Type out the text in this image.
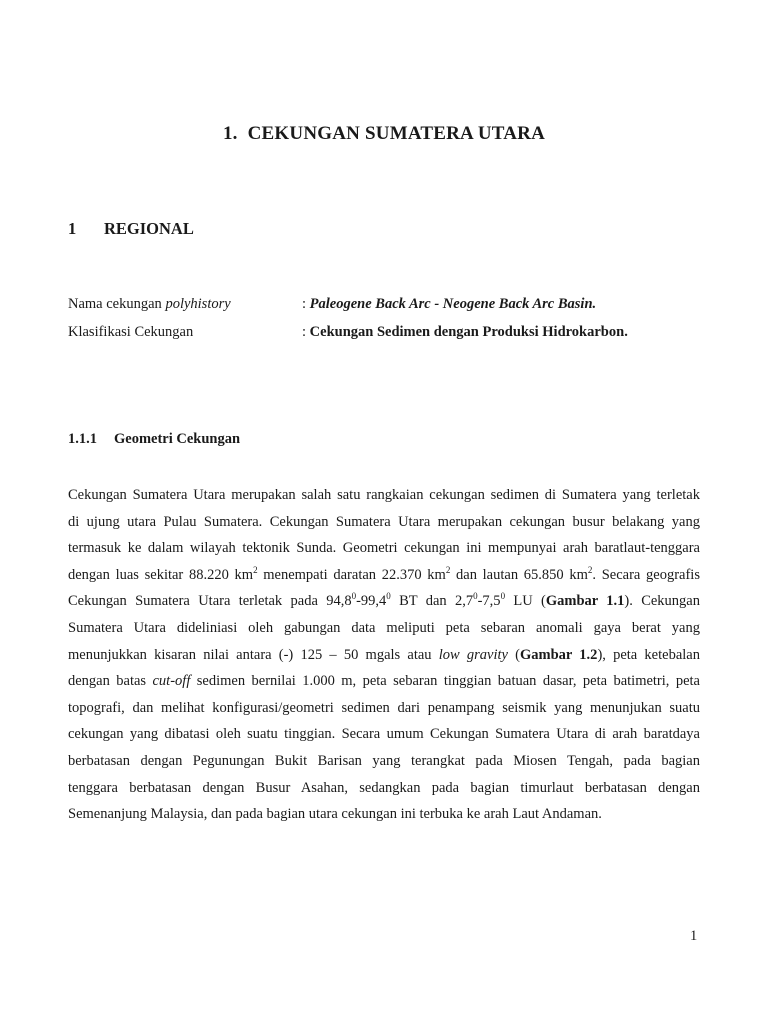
1. CEKUNGAN SUMATERA UTARA
1 REGIONAL
Nama cekungan polyhistory	: Paleogene Back Arc - Neogene Back Arc Basin.
Klasifikasi Cekungan	: Cekungan Sedimen dengan Produksi Hidrokarbon.
1.1.1 Geometri Cekungan
Cekungan Sumatera Utara merupakan salah satu rangkaian cekungan sedimen di Sumatera yang terletak
di ujung utara Pulau Sumatera. Cekungan Sumatera Utara merupakan cekungan busur belakang yang
termasuk ke dalam wilayah tektonik Sunda. Geometri cekungan ini mempunyai arah baratlaut-tenggara
dengan luas sekitar 88.220 $km^2$ menempati daratan 22.370 $km^2$ dan lautan 65.850 $km^2$. Secara geografis
Cekungan Sumatera Utara terletak pada 94,8$^0$-99,4$^0$ BT dan $2,7^0-7,5^0$ LU (Gambar 1.1). Cekungan
Sumatera Utara dideliniasi oleh gabungan data meliputi peta sebaran anomali gaya berat yang
menunjukkan kisaran nilai antara (-) 125 – 50 mgals atau low gravity (Gambar 1.2), peta ketebalan
dengan batas cut-off sedimen bernilai 1.000 m, peta sebaran tinggian batuan dasar, peta batimetri, peta
topografi, dan melihat konfigurasi/geometri sedimen dari penampang seismik yang menunjukan suatu
cekungan yang dibatasi oleh suatu tinggian. Secara umum Cekungan Sumatera Utara di arah baratdaya
berbatasan dengan Pegunungan Bukit Barisan yang terangkat pada Miosen Tengah, pada bagian
tenggara berbatasan dengan Busur Asahan, sedangkan pada bagian timurlaut berbatasan dengan
Semenanjung Malaysia, dan pada bagian utara cekungan ini terbuka ke arah Laut Andaman.
1
